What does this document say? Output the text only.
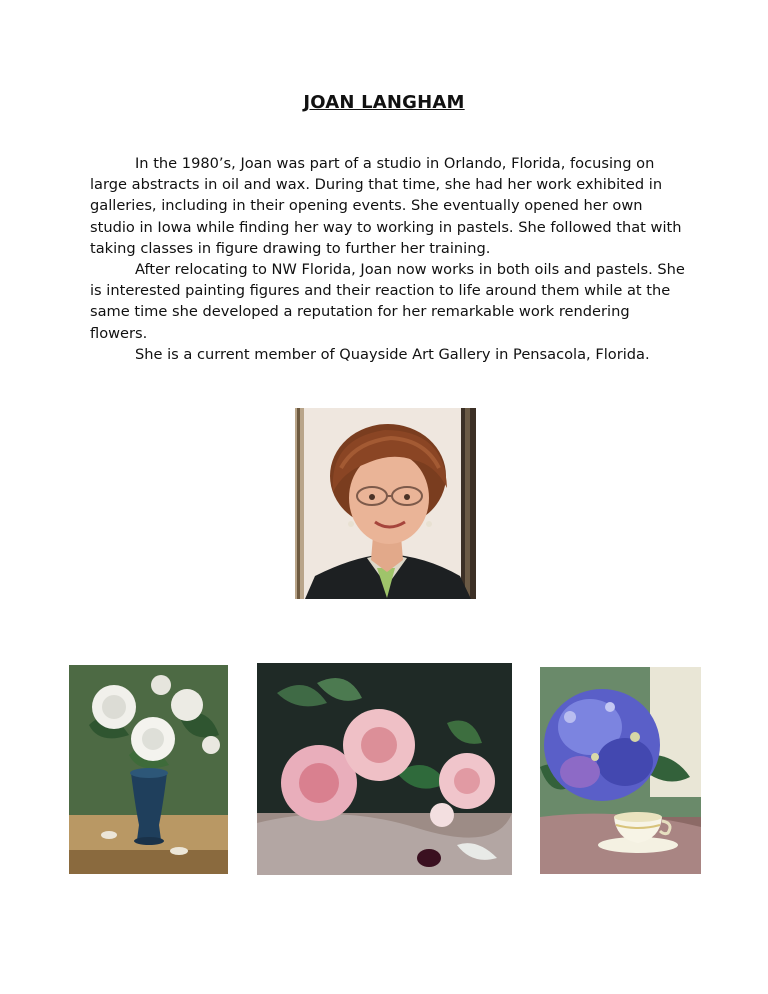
JOAN LANGHAM

In the 1980’s, Joan was part of a studio in Orlando, Florida, focusing on large abstracts in oil and wax. During that time, she had her work exhibited in galleries, including in their opening events. She eventually opened her own studio in Iowa while finding her way to working in pastels. She followed that with taking classes in figure drawing to further her training.

After relocating to NW Florida, Joan now works in both oils and pastels. She is interested painting figures and their reaction to life around them while at the same time she developed a reputation for her remarkable work rendering flowers.

She is a current member of Quayside Art Gallery in Pensacola, Florida.
